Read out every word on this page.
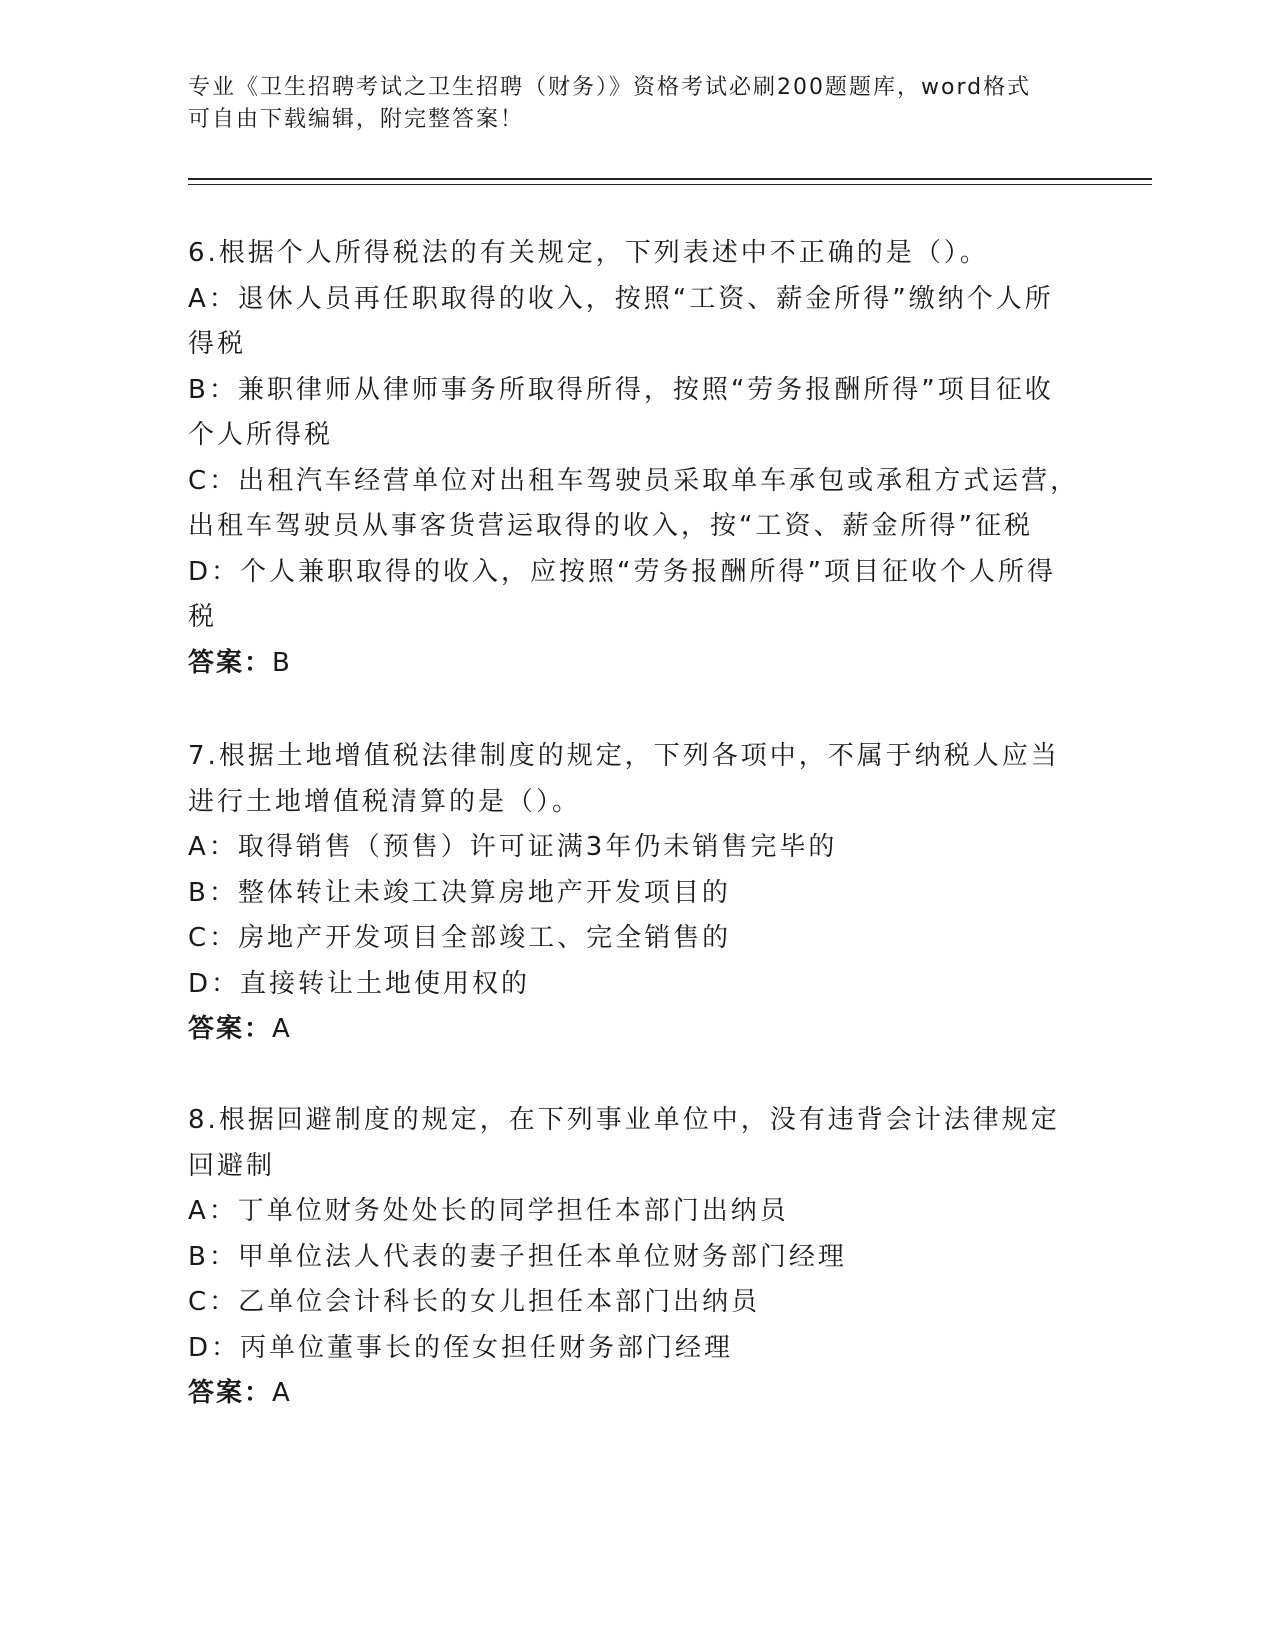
专业《卫生招聘考试之卫生招聘（财务）》资格考试必刷200题题库，word格式
可自由下载编辑，附完整答案！
6.根据个人所得税法的有关规定，下列表述中不正确的是（）。
A：退休人员再任职取得的收入，按照“工资、薪金所得”缴纳个人所
得税
B：兼职律师从律师事务所取得所得，按照“劳务报酬所得”项目征收
个人所得税
C：出租汽车经营单位对出租车驾驶员采取单车承包或承租方式运营，
出租车驾驶员从事客货营运取得的收入，按“工资、薪金所得”征税
D：个人兼职取得的收入，应按照“劳务报酬所得”项目征收个人所得
税
答案：B
7.根据土地增值税法律制度的规定，下列各项中，不属于纳税人应当
进行土地增值税清算的是（）。
A：取得销售（预售）许可证满3年仍未销售完毕的
B：整体转让未竣工决算房地产开发项目的
C：房地产开发项目全部竣工、完全销售的
D：直接转让土地使用权的
答案：A
8.根据回避制度的规定，在下列事业单位中，没有违背会计法律规定
回避制
A：丁单位财务处处长的同学担任本部门出纳员
B：甲单位法人代表的妻子担任本单位财务部门经理
C：乙单位会计科长的女儿担任本部门出纳员
D：丙单位董事长的侄女担任财务部门经理
答案：A
